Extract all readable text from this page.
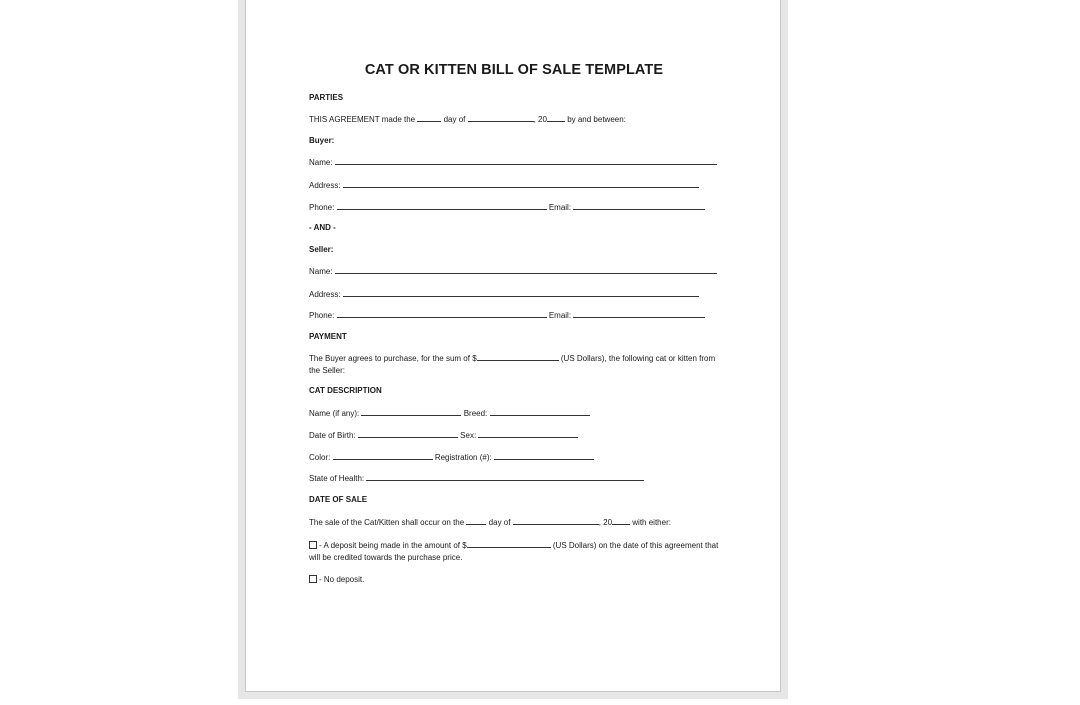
CAT OR KITTEN BILL OF SALE TEMPLATE
PARTIES
THIS AGREEMENT made the	day of	, 20	by and between:
Buyer:
Name:
Address:
Phone:	Email:
- AND -
Seller:
Name:
Address:
Phone:	Email:
PAYMENT
The Buyer agrees to purchase, for the sum of $	(US Dollars), the following cat or kitten from the Seller:
CAT DESCRIPTION
Name (if any):	Breed:
Date of Birth:	Sex:
Color:	Registration (#):
State of Health:
DATE OF SALE
The sale of the Cat/Kitten shall occur on the	day of	, 20	with either:
- A deposit being made in the amount of $	(US Dollars) on the date of this agreement that will be credited towards the purchase price.
- No deposit.
